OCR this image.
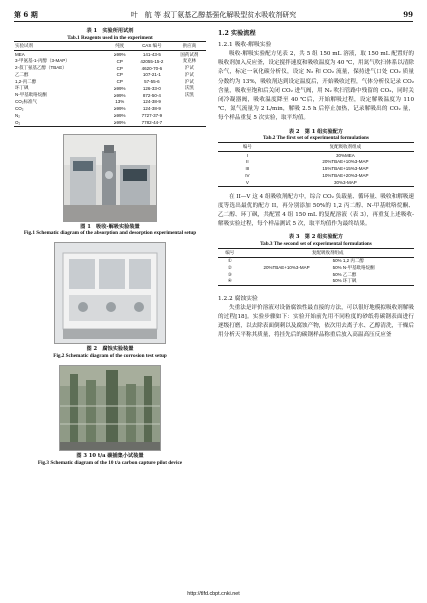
第 6 期	叶　航 等 叔丁氨基乙醇基强化解吸型贫水吸收剂研究	99
表 1　实验所用试剂
Tab.1 Reagents used in the experiment
实验试剂	纯度	CAS 编号	供应商
MEA	≥99%	141-43-5	国药试剂
3-甲氨基-1-丙醇（3-MAP）	CP	42055-15-2	麦克林
2-叔丁氨基乙醇（TBAE）	CP	4620-70-6	沪试
乙二醇	CP	107-21-1	沪试
1,2-丙二醇	CP	57-55-6	沪试
环丁砜	≥99%	126-33-0	沃凯
N-甲基吡咯烷酮	≥99%	872-50-4	沃凯
CO₂标准气	13%	124-38-9	
CO₂	≥99%	124-38-9	
N₂	≥99%	7727-37-9	
O₂	≥99%	7782-44-7	
图 1　吸收-解吸实验装置
Fig.1 Schematic diagram of the absorption and desorption experimental setup
图 2　腐蚀实验装置
Fig.2 Schematic diagram of the corrosion test setup
图 3 10 t/a 碳捕集小试装置
Fig.3 Schematic diagram of the 10 t/a carbon capture pilot device
1.2 实验流程
1.2.1 吸收-解吸实验

吸收-解吸实验配方见表 2，共 5 组 150 mL 溶液，取 150 mL 配置好的吸收剂加入反应釜，设定搅拌速度和吸收温度为 40 ℃，用氮气吹扫体系以清除杂气，标定一氧化碳分析仪，设定 N₂ 和 CO₂ 流量，保持进气口处 CO₂ 质量分数约为 13%，吸收剂达到设定温度后，开始吸收过程，气体分析仪记录 CO₂ 含量，吸收至饱和后关闭 CO₂ 进气阀，用 N₂ 吹扫管路中残留的 CO₂，同时关闭冷凝器阀，吸收温度降至 40 ℃后，开始解吸过程，设定解吸温度为 110 ℃，氮气流量为 2 L/min，解吸 2.5 h 后停止加热，记录解吸出的 CO₂ 量，每个样品重复 5 次实验，取平均值。

表 2　第 1 组实验配方
Tab.2 The first set of experimental formulations
编号	复配吸收剂组成
I	30%MEA
II	20%TBAE+10%3-MAP
III	15%TBAE+15%3-MAP
IV	10%TBAE+20%3-MAP
V	30%3-MAP

在 II—V 这 4 组吸收剂配方中，综合 CO₂ 负载量、循环量、吸收和解吸速度等选出最优的配方 II，再分别添加 50%的 1,2 丙二醇、N-甲基吡咯烷酮、乙二醇、环丁砜，共配置 4 组 150 mL 的复配溶液（表 3），再重复上述吸收-解吸实验过程，每个样品测试 5 次，取平均值作为最终结果。

表 3　第 2 组实验配方
Tab.3 The second set of experimental formulations
编号	复配吸收剂组成	
①		50% 1,2 丙二醇
②	20%TBAE+10%3-MAP	50% N-甲基吡咯烷酮
③		50% 乙二醇
④		50% 环丁砜
1.2.2 腐蚀实验

失重法是评价溶液对设备腐蚀性最直接的方法，可以很好地模拟吸收剂解吸的过程[18]。实验步骤如下：实验开始前先用不同粒度的砂纸将碳钢表面进行逐级打磨，以去除表面倒刺以及腐蚀产物，依次用去离子水、乙醇清洗，干燥后用分析天平称其质量，将挂先后的碳钢样品称重后放入高温高压反应釜

http://tlfd.cbpt.cnki.net
